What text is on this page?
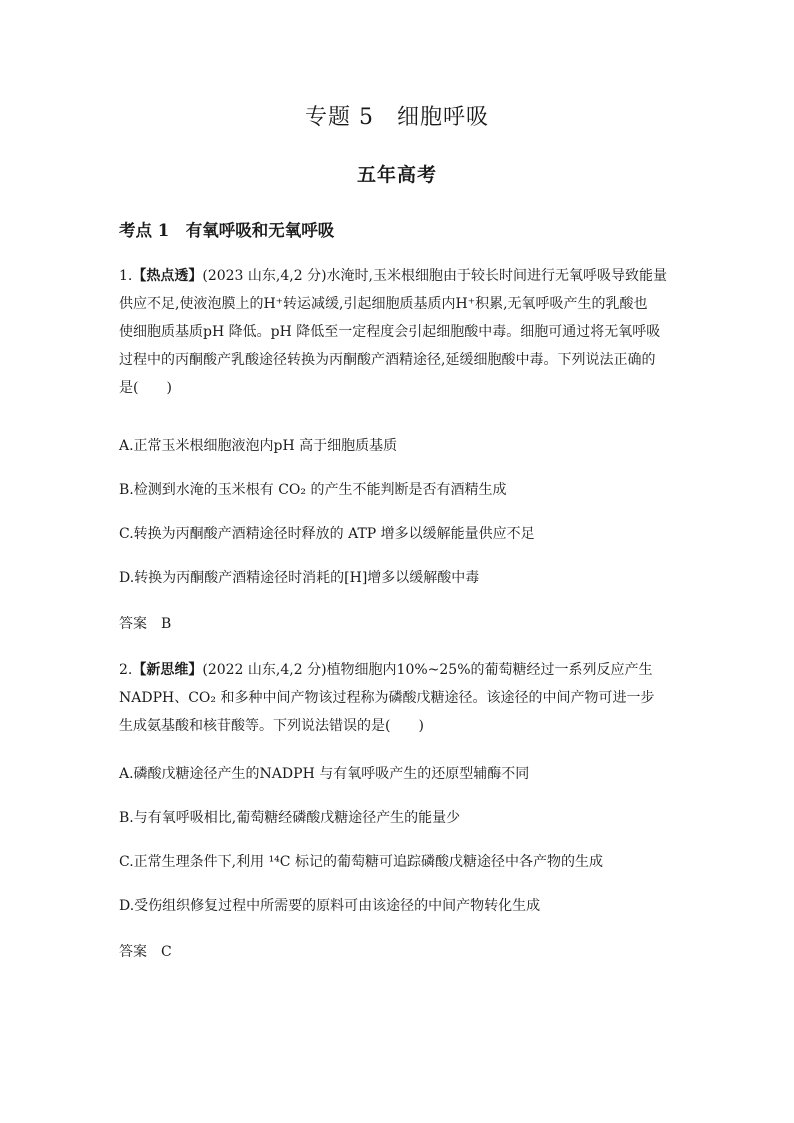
专题 5　细胞呼吸
五年高考
考点 1　有氧呼吸和无氧呼吸
1.【热点透】(2023 山东,4,2 分)水淹时,玉米根细胞由于较长时间进行无氧呼吸导致能量
供应不足,使液泡膜上的H⁺转运减缓,引起细胞质基质内H⁺积累,无氧呼吸产生的乳酸也
使细胞质基质pH 降低。pH 降低至一定程度会引起细胞酸中毒。细胞可通过将无氧呼吸
过程中的丙酮酸产乳酸途径转换为丙酮酸产酒精途径,延缓细胞酸中毒。下列说法正确的
是(　　)

A.正常玉米根细胞液泡内pH 高于细胞质基质

B.检测到水淹的玉米根有 CO₂ 的产生不能判断是否有酒精生成

C.转换为丙酮酸产酒精途径时释放的 ATP 增多以缓解能量供应不足

D.转换为丙酮酸产酒精途径时消耗的[H]增多以缓解酸中毒

答案 B

2.【新思维】(2022 山东,4,2 分)植物细胞内10%~25%的葡萄糖经过一系列反应产生
NADPH、CO₂ 和多种中间产物该过程称为磷酸戊糖途径。该途径的中间产物可进一步
生成氨基酸和核苷酸等。下列说法错误的是(　　)

A.磷酸戊糖途径产生的NADPH 与有氧呼吸产生的还原型辅酶不同

B.与有氧呼吸相比,葡萄糖经磷酸戊糖途径产生的能量少

C.正常生理条件下,利用 ¹⁴C 标记的葡萄糖可追踪磷酸戊糖途径中各产物的生成

D.受伤组织修复过程中所需要的原料可由该途径的中间产物转化生成

答案 C
